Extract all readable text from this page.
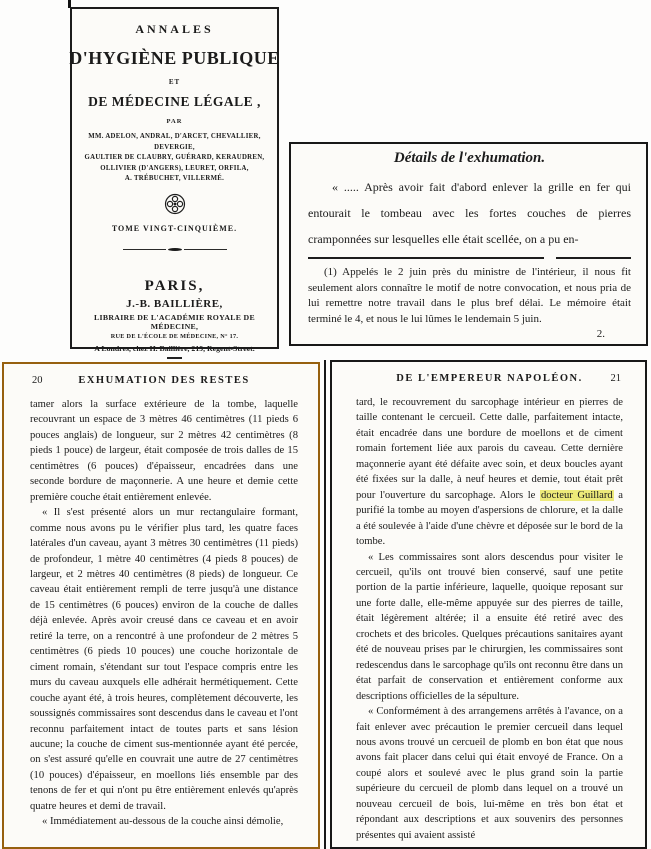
ANNALES
D'HYGIÈNE PUBLIQUE
ET
DE MÉDECINE LÉGALE ,
PAR
MM. ADELON, ANDRAL, D'ARCET, CHEVALLIER, DEVERGIE,
GAULTIER DE CLAUBRY, GUÉRARD, KERAUDREN,
OLLIVIER (D'ANGERS), LEURET, ORFILA,
A. TRÉBUCHET, VILLERMÉ.
TOME VINGT-CINQUIÈME.
PARIS,
J.-B. BAILLIÈRE,
LIBRAIRE DE L'ACADÉMIE ROYALE DE MÉDECINE,
RUE DE L'ÉCOLE DE MÉDECINE, N° 17.
A Londres, chez H. Baillière, 219, Regent-Street.
Détails de l'exhumation.
« ..... Après avoir fait d'abord enlever la grille en fer qui entourait le tombeau avec les fortes couches de pierres cramponnées sur lesquelles elle était scellée, on a pu en-
(1) Appelés le 2 juin près du ministre de l'intérieur, il nous fit seulement alors connaître le motif de notre convocation, et nous pria de lui remettre notre travail dans le plus bref délai. Le mémoire était terminé le 4, et nous le lui lûmes le lendemain 5 juin.
2.
20	EXHUMATION DES RESTES

tamer alors la surface extérieure de la tombe, laquelle recouvrant un espace de 3 mètres 46 centimètres (11 pieds 6 pouces anglais) de longueur, sur 2 mètres 42 centimètres (8 pieds 1 pouce) de largeur, était composée de trois dalles de 15 centimètres (6 pouces) d'épaisseur, encadrées dans une seconde bordure de maçonnerie. A une heure et demie cette première couche était entièrement enlevée.

« Il s'est présenté alors un mur rectangulaire formant, comme nous avons pu le vérifier plus tard, les quatre faces latérales d'un caveau, ayant 3 mètres 30 centimètres (11 pieds) de profondeur, 1 mètre 40 centimètres (4 pieds 8 pouces) de largeur, et 2 mètres 40 centimètres (8 pieds) de longueur. Ce caveau était entièrement rempli de terre jusqu'à une distance de 15 centimètres (6 pouces) environ de la couche de dalles déjà enlevée. Après avoir creusé dans ce caveau et en avoir retiré la terre, on a rencontré à une profondeur de 2 mètres 5 centimètres (6 pieds 10 pouces) une couche horizontale de ciment romain, s'étendant sur tout l'espace compris entre les murs du caveau auxquels elle adhérait hermétiquement. Cette couche ayant été, à trois heures, complètement découverte, les soussignés commissaires sont descendus dans le caveau et l'ont reconnu parfaitement intact de toutes parts et sans lésion aucune; la couche de ciment sus-mentionnée ayant été percée, on s'est assuré qu'elle en couvrait une autre de 27 centimètres (10 pouces) d'épaisseur, en moellons liés ensemble par des tenons de fer et qui n'ont pu être entièrement enlevés qu'après quatre heures et demi de travail.

« Immédiatement au-dessous de la couche ainsi démolie,

DE L'EMPEREUR NAPOLÉON.	21

tard, le recouvrement du sarcophage intérieur en pierres de taille contenant le cercueil. Cette dalle, parfaitement intacte, était encadrée dans une bordure de moellons et de ciment romain fortement liée aux parois du caveau. Cette dernière maçonnerie ayant été défaite avec soin, et deux boucles ayant été fixées sur la dalle, à neuf heures et demie, tout était prêt pour l'ouverture du sarcophage. Alors le docteur Guillard a purifié la tombe au moyen d'aspersions de chlorure, et la dalle a été soulevée à l'aide d'une chèvre et déposée sur le bord de la tombe.

« Les commissaires sont alors descendus pour visiter le cercueil, qu'ils ont trouvé bien conservé, sauf une petite portion de la partie inférieure, laquelle, quoique reposant sur une forte dalle, elle-même appuyée sur des pierres de taille, était légèrement altérée; il a ensuite été retiré avec des crochets et des bricoles. Quelques précautions sanitaires ayant été de nouveau prises par le chirurgien, les commissaires sont redescendus dans le sarcophage qu'ils ont reconnu être dans un état parfait de conservation et entièrement conforme aux descriptions officielles de la sépulture.

« Conformément à des arrangemens arrêtés à l'avance, on a fait enlever avec précaution le premier cercueil dans lequel nous avons trouvé un cercueil de plomb en bon état que nous avons fait placer dans celui qui était envoyé de France. On a coupé alors et soulevé avec le plus grand soin la partie supérieure du cercueil de plomb dans lequel on a trouvé un nouveau cercueil de bois, lui-même en très bon état et répondant aux descriptions et aux souvenirs des personnes présentes qui avaient assisté
